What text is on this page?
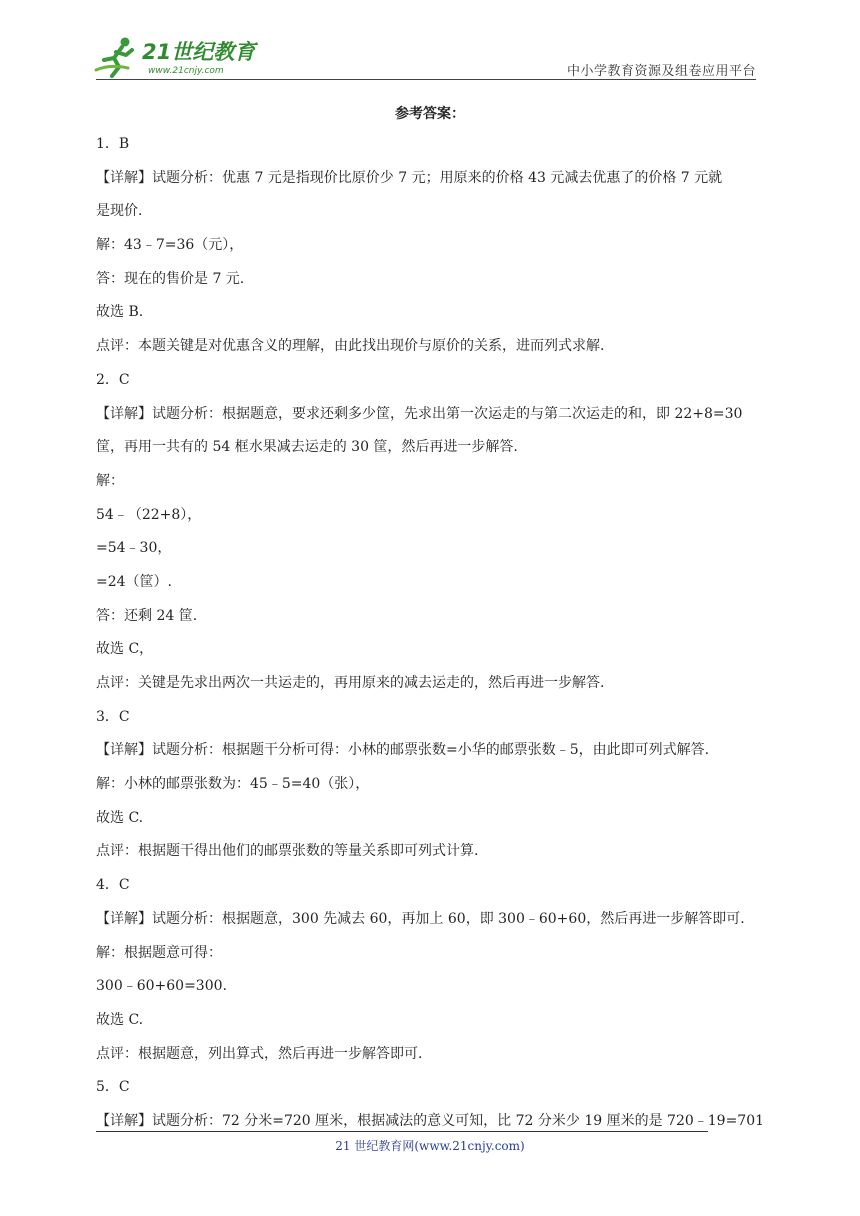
21世纪教育
www.21cnjy.com	中小学教育资源及组卷应用平台
参考答案：
1．B
【详解】试题分析：优惠 7 元是指现价比原价少 7 元；用原来的价格 43 元减去优惠了的价格 7 元就
是现价.
解：43﹣7=36（元），
答：现在的售价是 7 元.
故选 B.
点评：本题关键是对优惠含义的理解，由此找出现价与原价的关系，进而列式求解.
2．C
【详解】试题分析：根据题意，要求还剩多少筐，先求出第一次运走的与第二次运走的和，即 22+8=30
筐，再用一共有的 54 框水果减去运走的 30 筐，然后再进一步解答.
解：
54﹣（22+8），
=54﹣30，
=24（筐）.
答：还剩 24 筐.
故选 C，
点评：关键是先求出两次一共运走的，再用原来的减去运走的，然后再进一步解答.
3．C
【详解】试题分析：根据题干分析可得：小林的邮票张数=小华的邮票张数﹣5，由此即可列式解答.
解：小林的邮票张数为：45﹣5=40（张），
故选 C.
点评：根据题干得出他们的邮票张数的等量关系即可列式计算.
4．C
【详解】试题分析：根据题意，300 先减去 60，再加上 60，即 300﹣60+60，然后再进一步解答即可.
解：根据题意可得：
300﹣60+60=300.
故选 C.
点评：根据题意，列出算式，然后再进一步解答即可.
5．C
【详解】试题分析：72 分米=720 厘米，根据减法的意义可知，比 72 分米少 19 厘米的是 720﹣19=701
21 世纪教育网(www.21cnjy.com)
